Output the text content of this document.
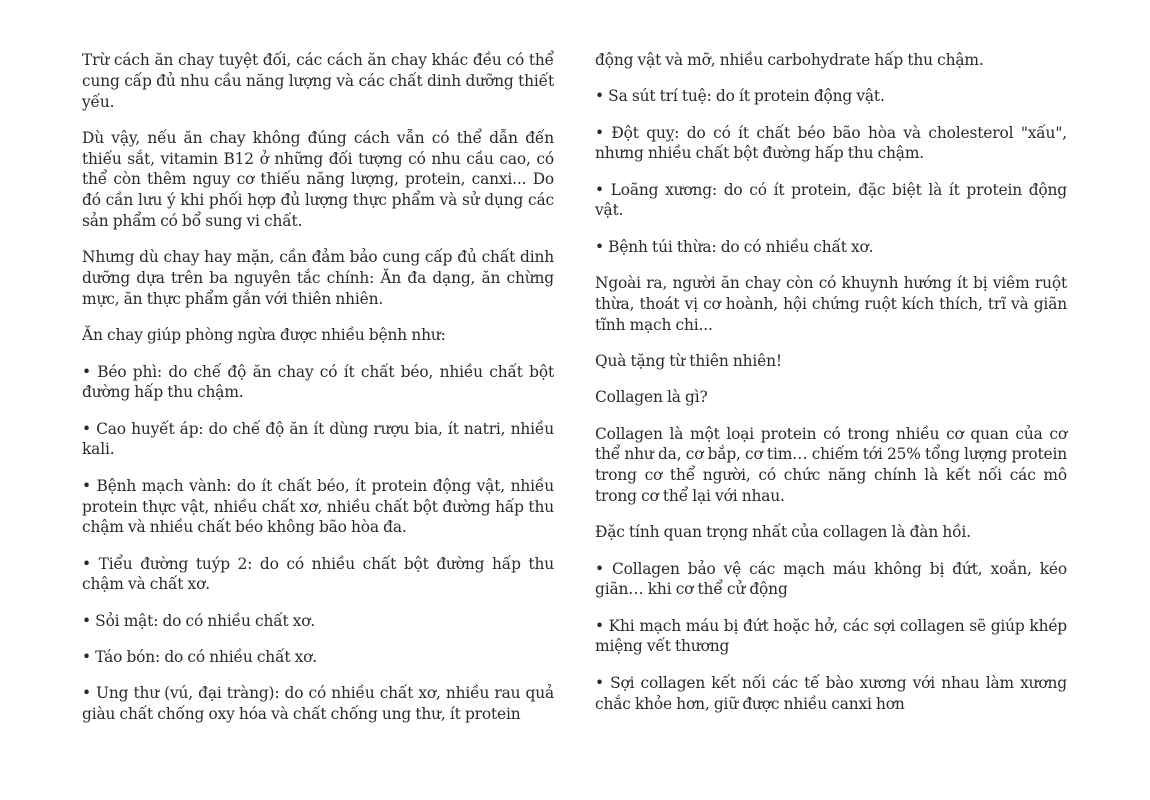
Trừ cách ăn chay tuyệt đối, các cách ăn chay khác đều có thể cung cấp đủ nhu cầu năng lượng và các chất dinh dưỡng thiết yếu.

Dù vậy, nếu ăn chay không đúng cách vẫn có thể dẫn đến thiếu sắt, vitamin B12 ở những đối tượng có nhu cầu cao, có thể còn thêm nguy cơ thiếu năng lượng, protein, canxi... Do đó cần lưu ý khi phối hợp đủ lượng thực phẩm và sử dụng các sản phẩm có bổ sung vi chất.

Nhưng dù chay hay mặn, cần đảm bảo cung cấp đủ chất dinh dưỡng dựa trên ba nguyên tắc chính: Ăn đa dạng, ăn chừng mực, ăn thực phẩm gắn với thiên nhiên.

Ăn chay giúp phòng ngừa được nhiều bệnh như:

• Béo phì: do chế độ ăn chay có ít chất béo, nhiều chất bột đường hấp thu chậm.

• Cao huyết áp: do chế độ ăn ít dùng rượu bia, ít natri, nhiều kali.

• Bệnh mạch vành: do ít chất béo, ít protein động vật, nhiều protein thực vật, nhiều chất xơ, nhiều chất bột đường hấp thu chậm và nhiều chất béo không bão hòa đa.

• Tiểu đường tuýp 2: do có nhiều chất bột đường hấp thu chậm và chất xơ.

• Sỏi mật: do có nhiều chất xơ.

• Táo bón: do có nhiều chất xơ.

• Ung thư (vú, đại tràng): do có nhiều chất xơ, nhiều rau quả giàu chất chống oxy hóa và chất chống ung thư, ít protein

động vật và mỡ, nhiều carbohydrate hấp thu chậm.

• Sa sút trí tuệ: do ít protein động vật.

• Đột quỵ: do có ít chất béo bão hòa và cholesterol "xấu", nhưng nhiều chất bột đường hấp thu chậm.

• Loãng xương: do có ít protein, đặc biệt là ít protein động vật.

• Bệnh túi thừa: do có nhiều chất xơ.

Ngoài ra, người ăn chay còn có khuynh hướng ít bị viêm ruột thừa, thoát vị cơ hoành, hội chứng ruột kích thích, trĩ và giãn tĩnh mạch chi...

Quà tặng từ thiên nhiên!

Collagen là gì?

Collagen là một loại protein có trong nhiều cơ quan của cơ thể như da, cơ bắp, cơ tim… chiếm tới 25% tổng lượng protein trong cơ thể người, có chức năng chính là kết nối các mô trong cơ thể lại với nhau.

Đặc tính quan trọng nhất của collagen là đàn hồi.

• Collagen bảo vệ các mạch máu không bị đứt, xoắn, kéo giãn… khi cơ thể cử động

• Khi mạch máu bị đứt hoặc hở, các sợi collagen sẽ giúp khép miệng vết thương

• Sợi collagen kết nối các tế bào xương với nhau làm xương chắc khỏe hơn, giữ được nhiều canxi hơn
